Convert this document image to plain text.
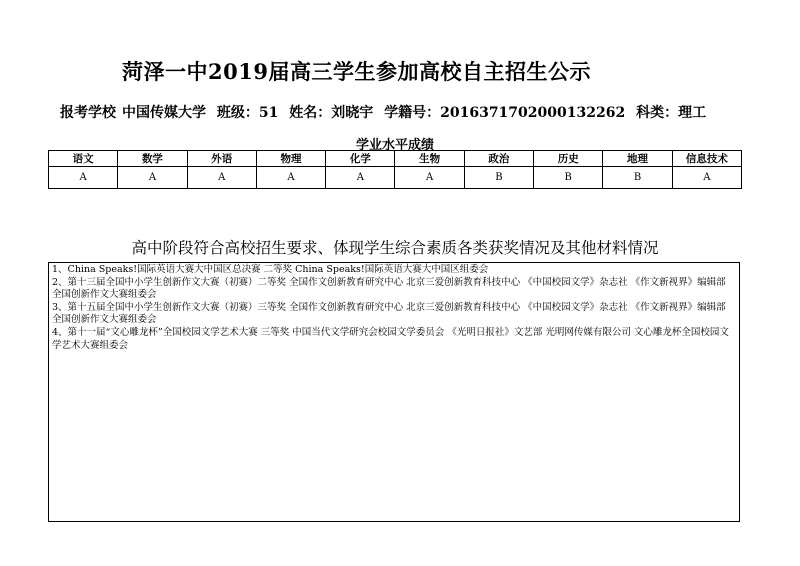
菏泽一中2019届高三学生参加高校自主招生公示
报考学校 中国传媒大学 班级：51 姓名：刘晓宇 学籍号：2016371702000132262 科类：理工
学业水平成绩
语文	数学	外语	物理	化学	生物	政治	历史	地理	信息技术
A	A	A	A	A	A	B	B	B	A
高中阶段符合高校招生要求、体现学生综合素质各类获奖情况及其他材料情况
1、China Speaks!国际英语大赛大中国区总决赛 二等奖 China Speaks!国际英语大赛大中国区组委会
2、第十三届全国中小学生创新作文大赛（初赛）二等奖 全国作文创新教育研究中心 北京三爱创新教育科技中心 《中国校园文学》杂志社 《作文新视界》编辑部 全国创新作文大赛组委会
3、第十五届全国中小学生创新作文大赛（初赛）三等奖 全国作文创新教育研究中心 北京三爱创新教育科技中心 《中国校园文学》杂志社 《作文新视界》编辑部 全国创新作文大赛组委会
4、第十一届“文心雕龙杯”全国校园文学艺术大赛 三等奖 中国当代文学研究会校园文学委员会 《光明日报社》文艺部 光明网传媒有限公司 文心雕龙杯全国校园文学艺术大赛组委会
